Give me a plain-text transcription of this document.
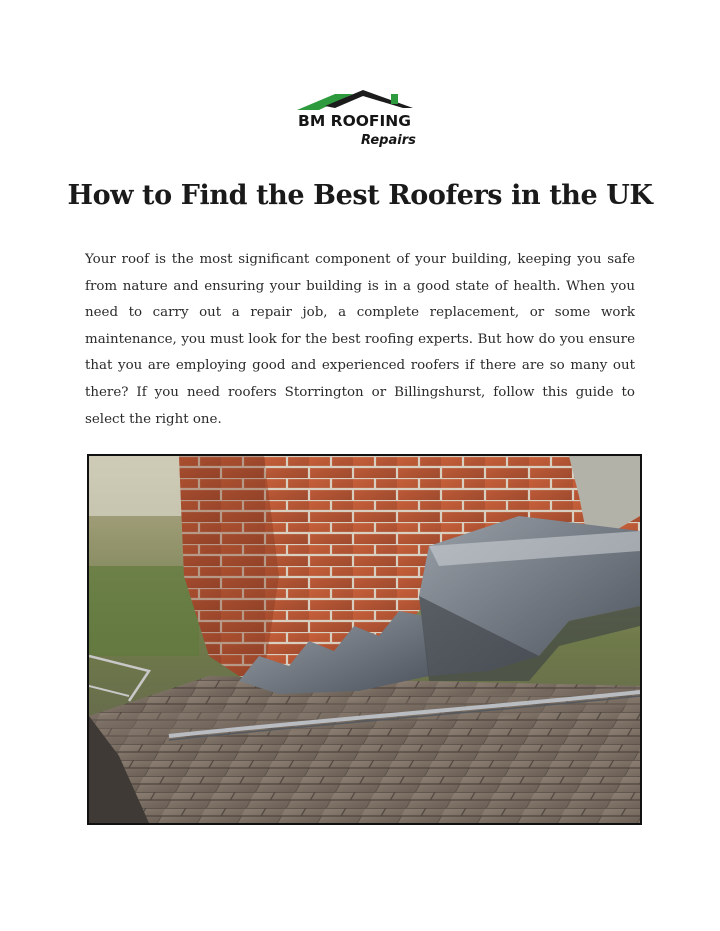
BM ROOFING
Repairs
How to Find the Best Roofers in the UK

Your roof is the most significant component of your building, keeping you safe from nature and ensuring your building is in a good state of health. When you need to carry out a repair job, a complete replacement, or some work maintenance, you must look for the best roofing experts. But how do you ensure that you are employing good and experienced roofers if there are so many out there? If you need roofers Storrington or Billingshurst, follow this guide to select the right one.
